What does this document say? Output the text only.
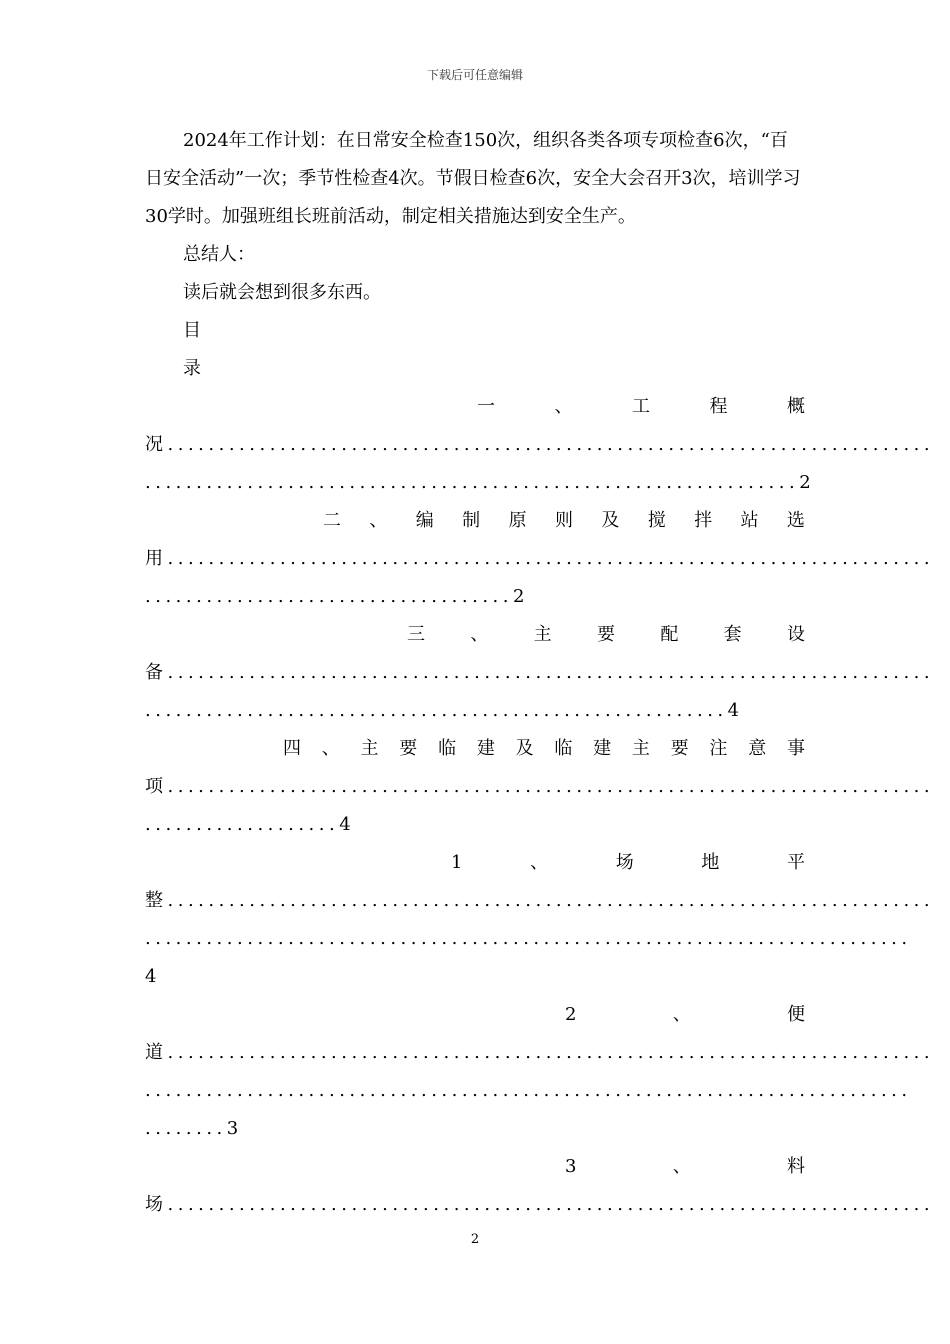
下载后可任意编辑

2024年工作计划：在日常安全检查150次，组织各类各项专项检查6次，“百日安全活动”一次；季节性检查4次。节假日检查6次，安全大会召开3次，培训学习30学时。加强班组长班前活动，制定相关措施达到安全生产。

总结人：

读后就会想到很多东西。

目

录

一	、	工	程	概
况...........................................................................
................................................................2
二 、 编 制 原 则 及 搅 拌 站 选
用...........................................................................
....................................2
三	、	主	要	配	套	设
备...........................................................................
.........................................................4
四 、 主 要 临 建 及 临 建 主 要 注 意 事
项...........................................................................
...................4
1	、	场	地	平
整...........................................................................
...........................................................................
4
2	、	便
道...........................................................................
...........................................................................
........3
3	、	料
场...........................................................................
2
